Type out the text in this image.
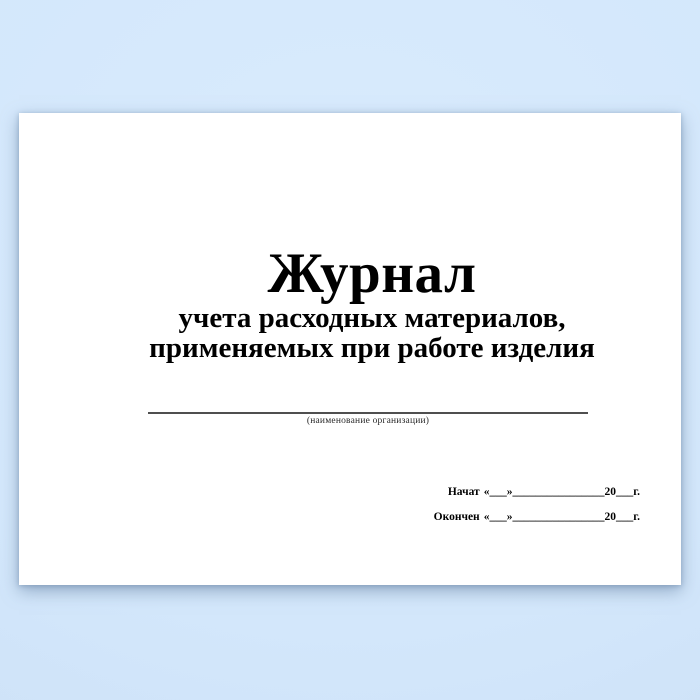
Журнал
учета расходных материалов,
применяемых при работе изделия
(наименование организации)
Начат «___»________________20___г.
Окончен «___»________________20___г.
